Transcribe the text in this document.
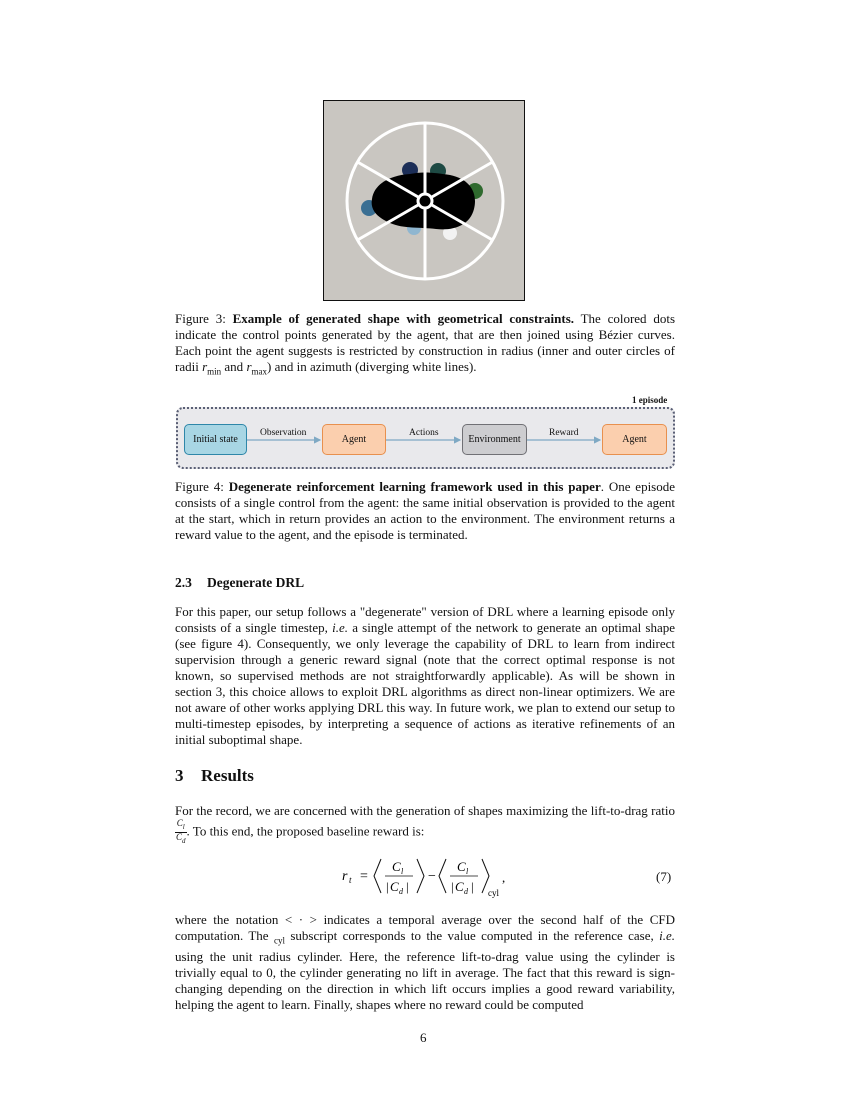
Figure 3: Example of generated shape with geometrical constraints. The colored dots indicate the control points generated by the agent, that are then joined using Bézier curves. Each point the agent suggests is restricted by construction in radius (inner and outer circles of radii $r_{min}$ and $r_{max}$) and in azimuth (diverging white lines).

1 episode
Initial state	Agent	Environment	Agent
Observation	Actions	Reward

Figure 4: Degenerate reinforcement learning framework used in this paper. One episode consists of a single control from the agent: the same initial observation is provided to the agent at the start, which in return provides an action to the environment. The environment returns a reward value to the agent, and the episode is terminated.

2.3 Degenerate DRL

For this paper, our setup follows a "degenerate" version of DRL where a learning episode only consists of a single timestep, i.e. a single attempt of the network to generate an optimal shape (see figure 4). Consequently, we only leverage the capability of DRL to learn from indirect supervision through a generic reward signal (note that the correct optimal response is not known, so supervised methods are not straightforwardly applicable). As will be shown in section 3, this choice allows to exploit DRL algorithms as direct non-linear optimizers. We are not aware of other works applying DRL this way. In future work, we plan to extend our setup to multi-timestep episodes, by interpreting a sequence of actions as iterative refinements of an initial suboptimal shape.

3 Results

For the record, we are concerned with the generation of shapes maximizing the lift-to-drag ratio
$\frac{C_l}{C_d}$ . To this end, the proposed baseline reward is:

r t =
C l
| C d |
−
C l
| C d | cyl
,	(7)

where the notation < · > indicates a temporal average over the second half of the CFD computation. The $_{cyl}$ subscript corresponds to the value computed in the reference case, i.e. using the unit radius cylinder. Here, the reference lift-to-drag value using the cylinder is trivially equal to 0, the cylinder generating no lift in average. The fact that this reward is sign-changing depending on the direction in which lift occurs implies a good reward variability, helping the agent to learn. Finally, shapes where no reward could be computed

6
